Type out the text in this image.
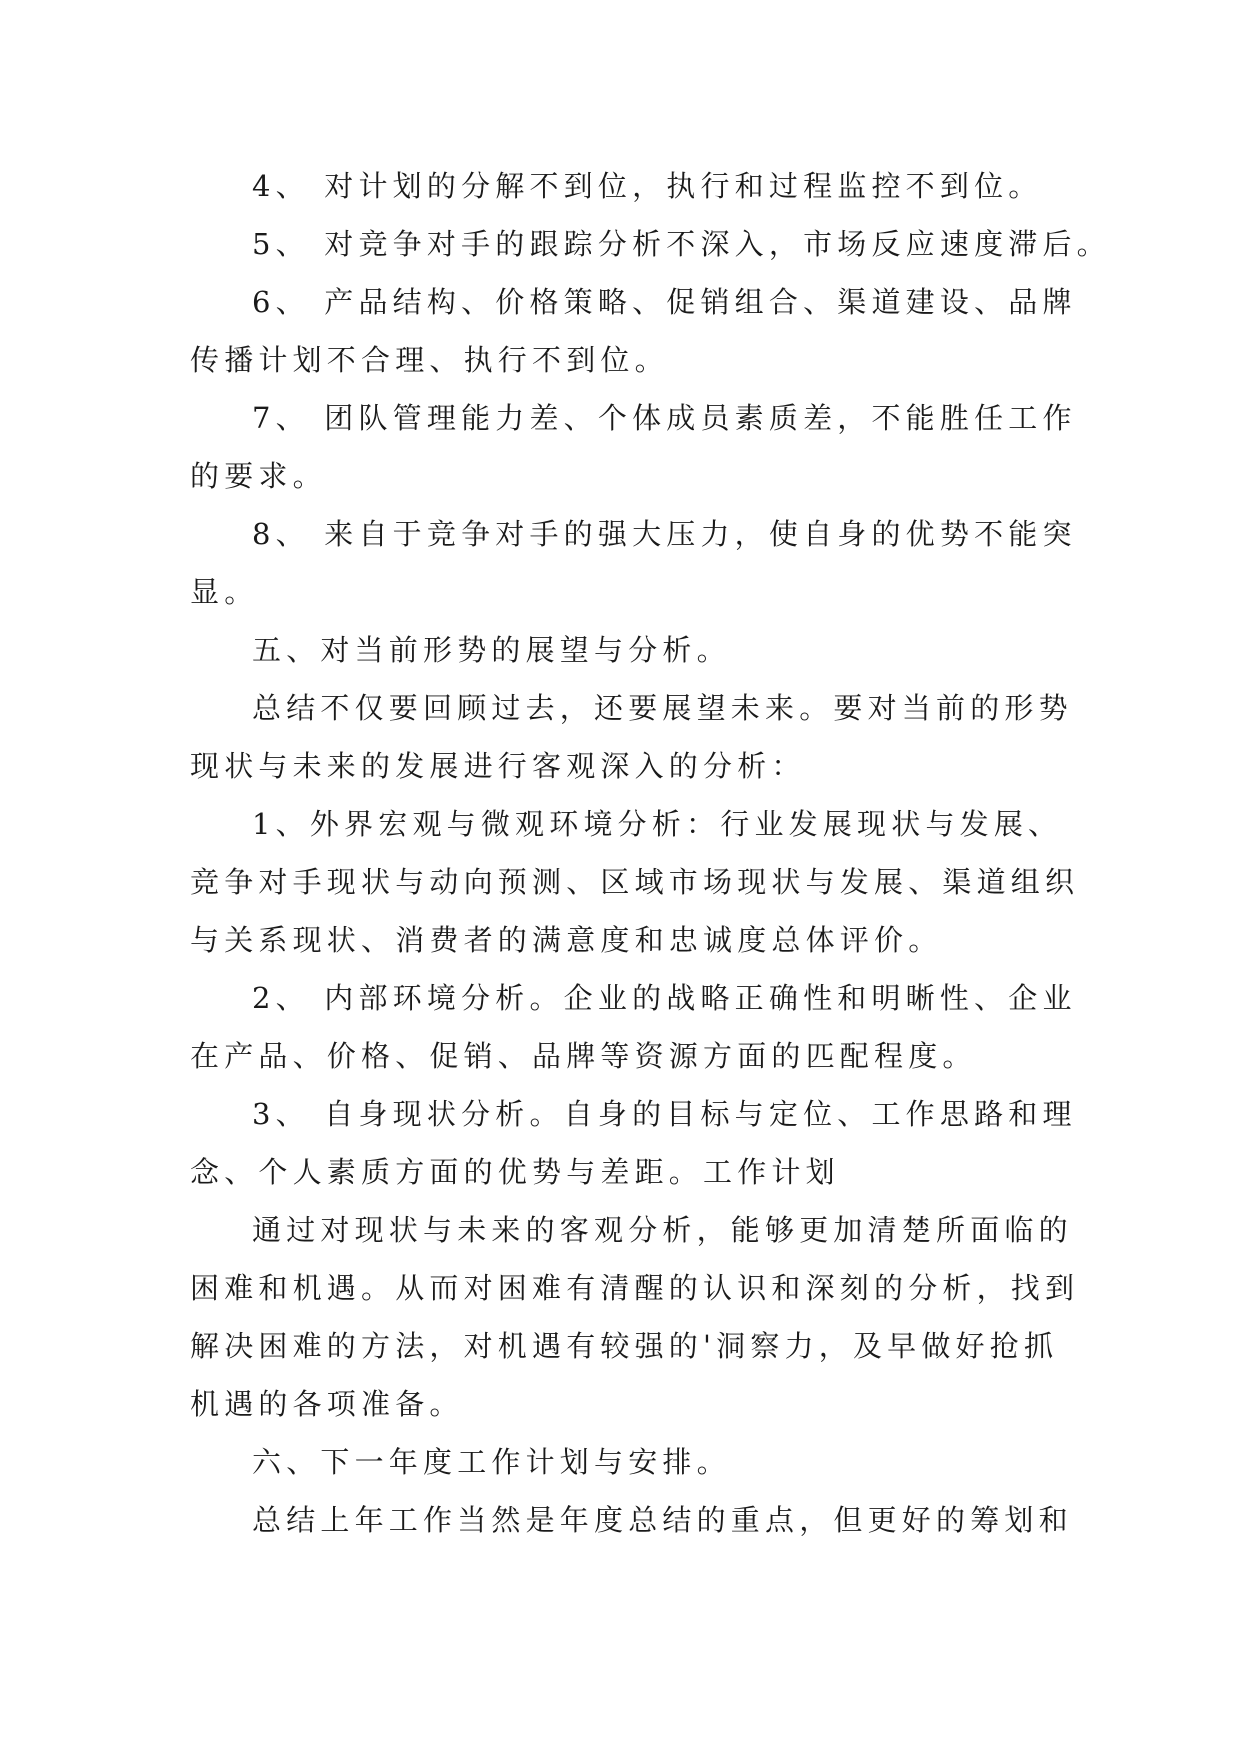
4、 对计划的分解不到位，执行和过程监控不到位。
5、 对竞争对手的跟踪分析不深入，市场反应速度滞后。
6、 产品结构、价格策略、促销组合、渠道建设、品牌
传播计划不合理、执行不到位。
7、 团队管理能力差、个体成员素质差，不能胜任工作
的要求。
8、 来自于竞争对手的强大压力，使自身的优势不能突
显。
五、对当前形势的展望与分析。
总结不仅要回顾过去，还要展望未来。要对当前的形势
现状与未来的发展进行客观深入的分析：
1、外界宏观与微观环境分析：行业发展现状与发展、
竞争对手现状与动向预测、区域市场现状与发展、渠道组织
与关系现状、消费者的满意度和忠诚度总体评价。
2、 内部环境分析。企业的战略正确性和明晰性、企业
在产品、价格、促销、品牌等资源方面的匹配程度。
3、 自身现状分析。自身的目标与定位、工作思路和理
念、个人素质方面的优势与差距。工作计划
通过对现状与未来的客观分析，能够更加清楚所面临的
困难和机遇。从而对困难有清醒的认识和深刻的分析，找到
解决困难的方法，对机遇有较强的'洞察力，及早做好抢抓
机遇的各项准备。
六、下一年度工作计划与安排。
总结上年工作当然是年度总结的重点，但更好的筹划和
